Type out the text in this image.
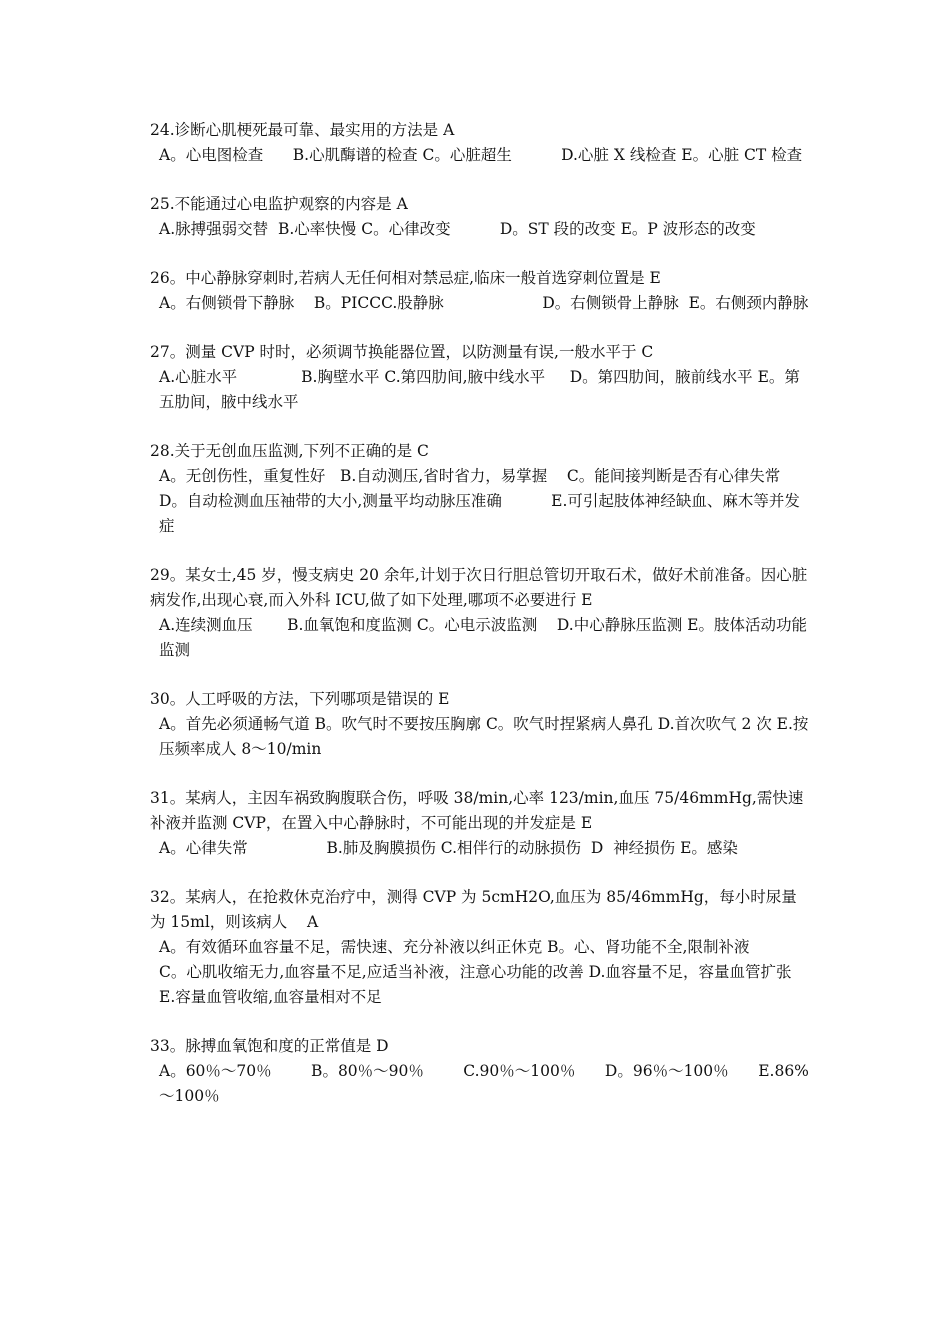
24.诊断心肌梗死最可靠、最实用的方法是 A
A。心电图检查      B.心肌酶谱的检查 C。心脏超生          D.心脏 X 线检查 E。心脏 CT 检查
25.不能通过心电监护观察的内容是 A
A.脉搏强弱交替  B.心率快慢 C。心律改变          D。ST 段的改变 E。P 波形态的改变
26。中心静脉穿刺时,若病人无任何相对禁忌症,临床一般首选穿刺位置是 E
A。右侧锁骨下静脉    B。PICCC.股静脉                    D。右侧锁骨上静脉  E。右侧颈内静脉
27。测量 CVP 时时，必须调节换能器位置，以防测量有误,一般水平于 C
A.心脏水平             B.胸壁水平 C.第四肋间,腋中线水平     D。第四肋间，腋前线水平 E。第五肋间，腋中线水平
28.关于无创血压监测,下列不正确的是 C
A。无创伤性，重复性好   B.自动测压,省时省力，易掌握    C。能间接判断是否有心律失常
D。自动检测血压袖带的大小,测量平均动脉压准确          E.可引起肢体神经缺血、麻木等并发症
29。某女士,45 岁，慢支病史 20 余年,计划于次日行胆总管切开取石术，做好术前准备。因心脏病发作,出现心衰,而入外科 ICU,做了如下处理,哪项不必要进行 E
A.连续测血压       B.血氧饱和度监测 C。心电示波监测    D.中心静脉压监测 E。肢体活动功能监测
30。人工呼吸的方法，下列哪项是错误的 E
A。首先必须通畅气道 B。吹气时不要按压胸廓 C。吹气时捏紧病人鼻孔 D.首次吹气 2 次 E.按压频率成人 8～10/min
31。某病人，主因车祸致胸腹联合伤，呼吸 38/min,心率 123/min,血压 75/46mmHg,需快速补液并监测 CVP，在置入中心静脉时，不可能出现的并发症是 E
A。心律失常                B.肺及胸膜损伤 C.相伴行的动脉损伤  D  神经损伤 E。感染
32。某病人，在抢救休克治疗中，测得 CVP 为 5cmH2O,血压为 85/46mmHg，每小时尿量为 15ml，则该病人    A
A。有效循环血容量不足，需快速、充分补液以纠正休克 B。心、肾功能不全,限制补液
C。心肌收缩无力,血容量不足,应适当补液，注意心功能的改善 D.血容量不足，容量血管扩张
E.容量血管收缩,血容量相对不足
33。脉搏血氧饱和度的正常值是 D
A。60％～70％        B。80％～90％        C.90％～100％      D。96％～100％      E.86%～100％
